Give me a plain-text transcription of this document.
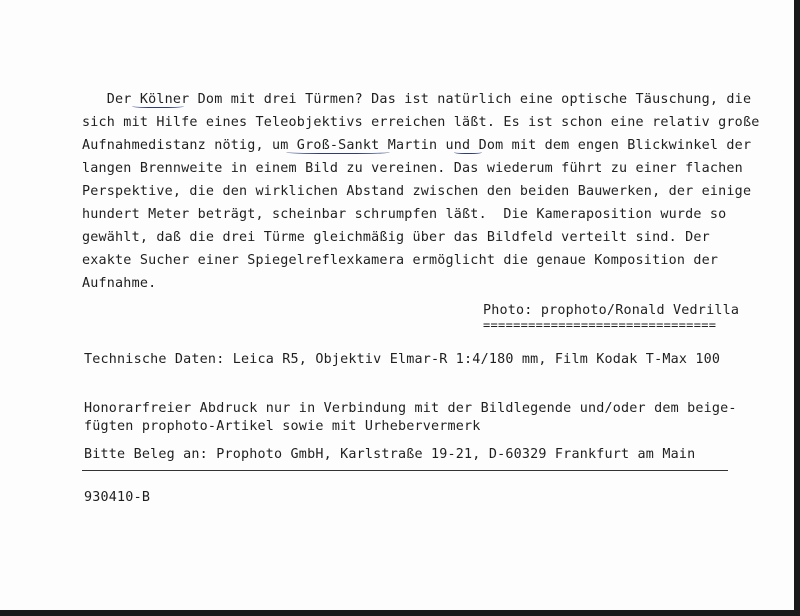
Der Kölner Dom mit drei Türmen? Das ist natürlich eine optische Täuschung, die
sich mit Hilfe eines Teleobjektivs erreichen läßt. Es ist schon eine relativ große
Aufnahmedistanz nötig, um Groß-Sankt Martin und Dom mit dem engen Blickwinkel der
langen Brennweite in einem Bild zu vereinen. Das wiederum führt zu einer flachen
Perspektive, die den wirklichen Abstand zwischen den beiden Bauwerken, der einige
hundert Meter beträgt, scheinbar schrumpfen läßt.  Die Kameraposition wurde so
gewählt, daß die drei Türme gleichmäßig über das Bildfeld verteilt sind. Der
exakte Sucher einer Spiegelreflexkamera ermöglicht die genaue Komposition der
Aufnahme.
Photo: prophoto/Ronald Vedrilla
===============================
Technische Daten: Leica R5, Objektiv Elmar-R 1:4/180 mm, Film Kodak T-Max 100
Honorarfreier Abdruck nur in Verbindung mit der Bildlegende und/oder dem beige-
fügten prophoto-Artikel sowie mit Urhebervermerk
Bitte Beleg an: Prophoto GmbH, Karlstraße 19-21, D-60329 Frankfurt am Main
930410-B
